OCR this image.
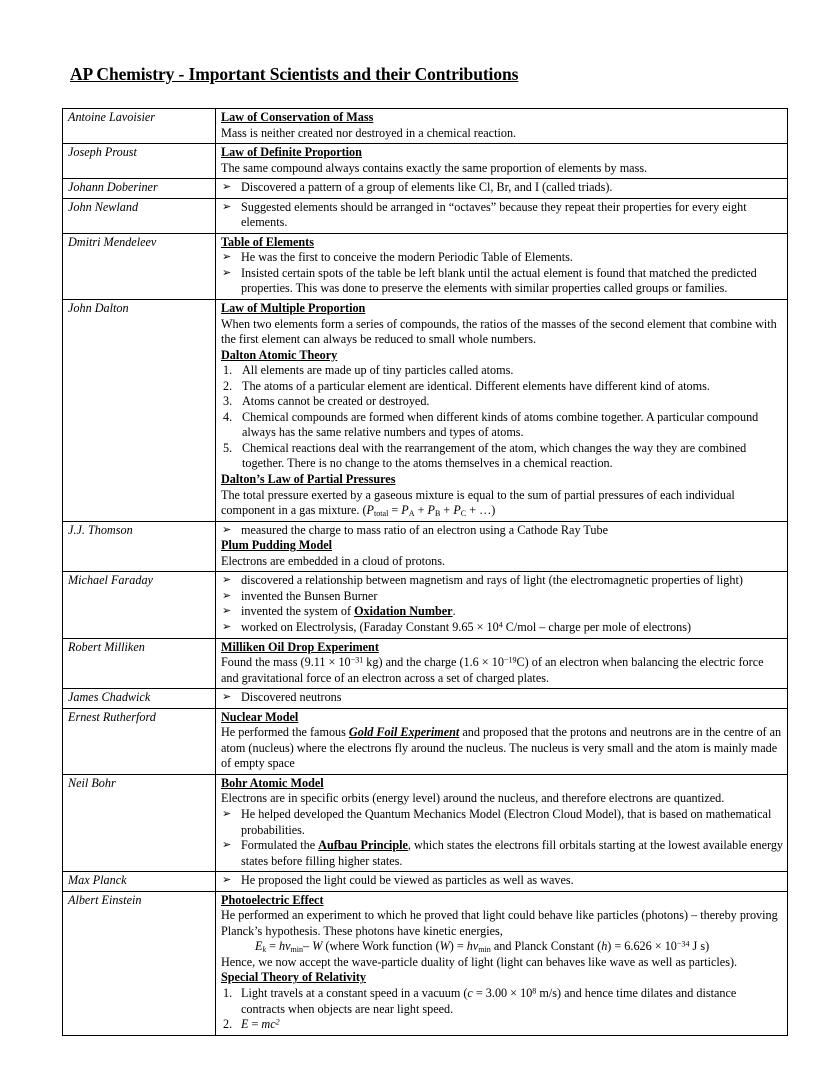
AP Chemistry - Important Scientists and their Contributions
Antoine Lavoisier	Law of Conservation of Mass
Mass is neither created nor destroyed in a chemical reaction.

Joseph Proust	Law of Definite Proportion
The same compound always contains exactly the same proportion of elements by mass.

Johann Doberiner	
➢Discovered a pattern of a group of elements like Cl, Br, and I (called triads).

John Newland	
➢Suggested elements should be arranged in “octaves” because they repeat their properties for every eight elements.

Dmitri Mendeleev	Table of Elements
➢ He was the first to conceive the modern Periodic Table of Elements.
➢ Insisted certain spots of the table be left blank until the actual element is found that matched the predicted properties. This was done to preserve the elements with similar properties called groups or families.

John Dalton	Law of Multiple Proportion
When two elements form a series of compounds, the ratios of the masses of the second element that combine with the first element can always be reduced to small whole numbers.
Dalton Atomic Theory
All elements are made up of tiny particles called atoms.
The atoms of a particular element are identical. Different elements have different kind of atoms.
Atoms cannot be created or destroyed.
Chemical compounds are formed when different kinds of atoms combine together. A particular compound always has the same relative numbers and types of atoms.
Chemical reactions deal with the rearrangement of the atom, which changes the way they are combined together. There is no change to the atoms themselves in a chemical reaction.
Dalton’s Law of Partial Pressures
The total pressure exerted by a gaseous mixture is equal to the sum of partial pressures of each individual component in a gas mixture. ($P_{total} = P_A + P_B + P_C$ + …)

J.J. Thomson	
➢measured the charge to mass ratio of an electron using a Cathode Ray Tube
Plum Pudding Model
Electrons are embedded in a cloud of protons.

Michael Faraday	
➢discovered a relationship between magnetism and rays of light (the electromagnetic properties of light)
➢ invented the Bunsen Burner
➢ invented the system of Oxidation Number.
➢ worked on Electrolysis, (Faraday Constant $9.65 \times 10^4$ C/mol – charge per mole of electrons)

Robert Milliken	Milliken Oil Drop Experiment
Found the mass ($9.11 \times 10^{-31}$ kg) and the charge $(1.6 \times 10^{-19}C)$ of an electron when balancing the electric force and gravitational force of an electron across a set of charged plates.

James Chadwick	
➢Discovered neutrons

Ernest Rutherford	Nuclear Model
He performed the famous Gold Foil Experiment and proposed that the protons and neutrons are in the centre of an atom (nucleus) where the electrons fly around the nucleus. The nucleus is very small and the atom is mainly made of empty space

Neil Bohr	Bohr Atomic Model
Electrons are in specific orbits (energy level) around the nucleus, and therefore electrons are quantized.
➢ He helped developed the Quantum Mechanics Model (Electron Cloud Model), that is based on mathematical probabilities.
➢ Formulated the Aufbau Principle, which states the electrons fill orbitals starting at the lowest available energy states before filling higher states.

Max Planck	
➢He proposed the light could be viewed as particles as well as waves.

Albert Einstein	Photoelectric Effect
He performed an experiment to which he proved that light could behave like particles (photons) – thereby proving Planck’s hypothesis. These photons have kinetic energies,
$E_k = hv_{min}-$ W (where Work function $(W) = hv_{min}$ and Planck Constant $(h) = 6.626 \times 10^{-34}$ J s)
Hence, we now accept the wave-particle duality of light (light can behaves like wave as well as particles).
Special Theory of Relativity
Light travels at a constant speed in a vacuum ($c = 3.00 \times 10^8$ m/s) and hence time dilates and distance contracts when objects are near light speed.
$E = mc^2$
